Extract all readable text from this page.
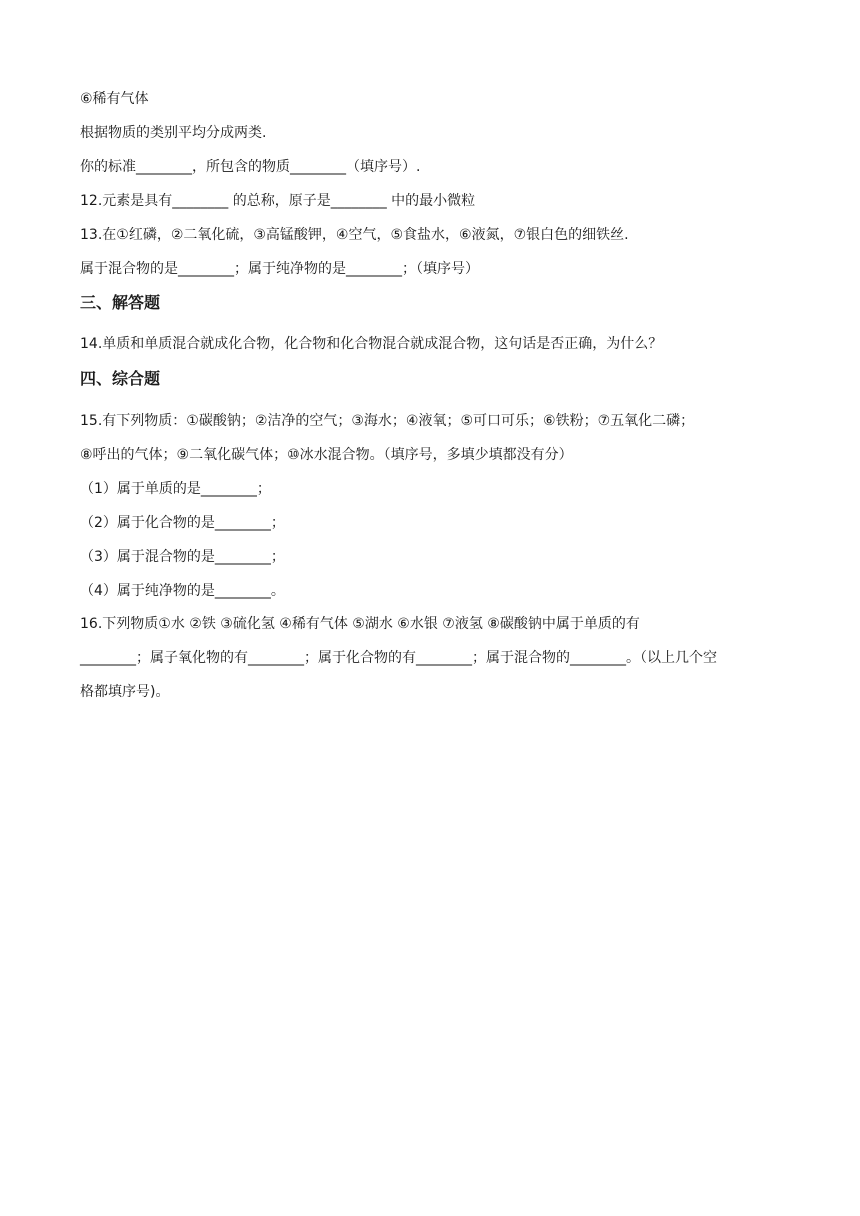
⑥稀有气体
根据物质的类别平均分成两类.
你的标准________，所包含的物质________（填序号）.
12.元素是具有________ 的总称，原子是________ 中的最小微粒
13.在①红磷，②二氧化硫，③高锰酸钾，④空气，⑤食盐水，⑥液氮，⑦银白色的细铁丝.
属于混合物的是________；属于纯净物的是________；（填序号）
三、解答题
14.单质和单质混合就成化合物，化合物和化合物混合就成混合物，这句话是否正确，为什么？
四、综合题
15.有下列物质：①碳酸钠；②洁净的空气；③海水；④液氧；⑤可口可乐；⑥铁粉；⑦五氧化二磷；
⑧呼出的气体；⑨二氧化碳气体；⑩冰水混合物。（填序号，多填少填都没有分）
（1）属于单质的是________；
（2）属于化合物的是________；
（3）属于混合物的是________；
（4）属于纯净物的是________。
16.下列物质①水 ②铁 ③硫化氢 ④稀有气体 ⑤湖水 ⑥水银 ⑦液氢 ⑧碳酸钠中属于单质的有
________；属子氧化物的有________；属于化合物的有________；属于混合物的________。（以上几个空
格都填序号)。
